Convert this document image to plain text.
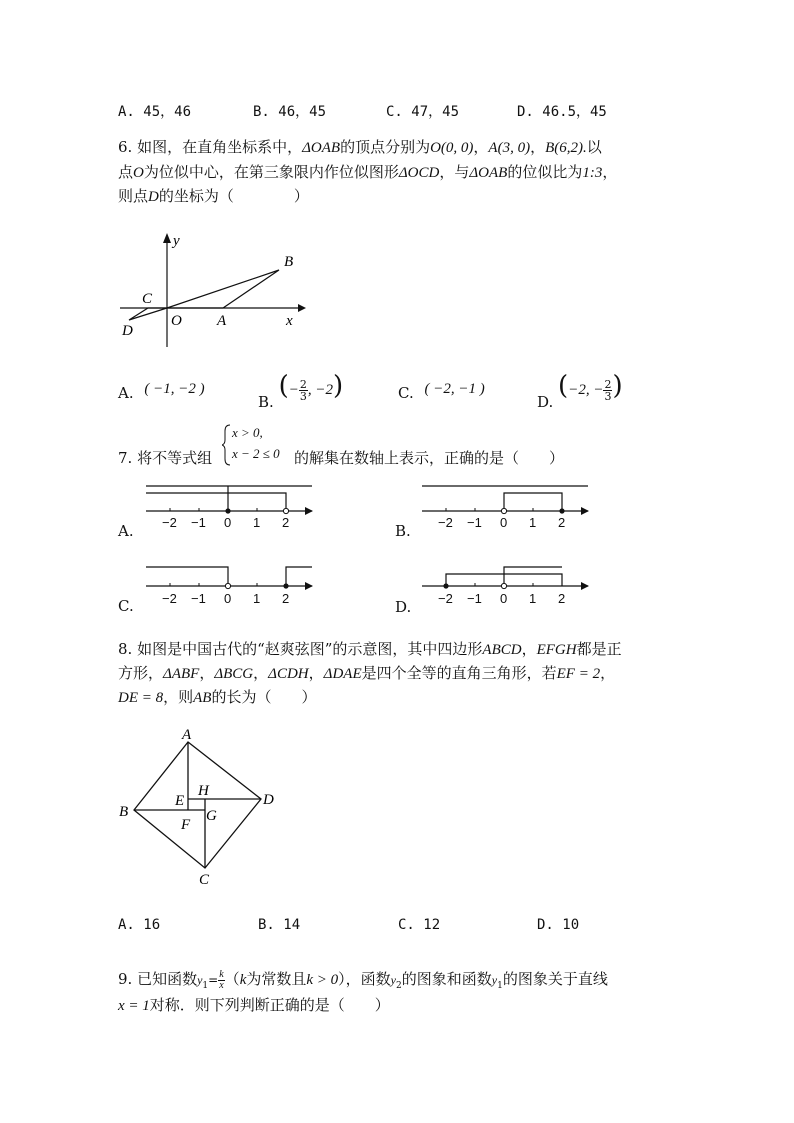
A. 45，46	B. 46，45	C. 47，45	D. 46.5，45
6. 如图，在直角坐标系中，ΔOAB的顶点分别为O(0, 0)，A(3, 0)，B(6,2).以
点O为位似中心，在第三象限内作位似图形ΔOCD，与ΔOAB的位似比为1:3，
则点D的坐标为（　　　　）
y
B
C
O A	x
D
A. ( −1, −2 )
B. (− $\frac{2}{3}$ , −2)	C. ( −2, −1 )
D. (−2, − $\frac{2}{3}$ )
7. 将不等式组
x > 0,
x − 2 ≤ 0 的解集在数轴上表示，正确的是（　　）
−2 −1 0 1 2
A.	−2 −1 0 1 2
B.
−2 −1 0 1 2
C.	−2 −1 0 1 2
D.
8. 如图是中国古代的“赵爽弦图”的示意图，其中四边形ABCD，EFGH都是正
方形，ΔABF，ΔBCG，ΔCDH，ΔDAE是四个全等的直角三角形，若EF = 2，
DE = 8，则AB的长为（　　）
A
B
C
D
E
F
G
H
A. 16	B. 14	C. 12	D. 10
9. 已知函数$y_1= \frac{k}{x} (k$为常数且k > 0），函数$y_2$的图象和函数$y_1$的图象关于直线
x = 1对称．则下列判断正确的是（　　）
